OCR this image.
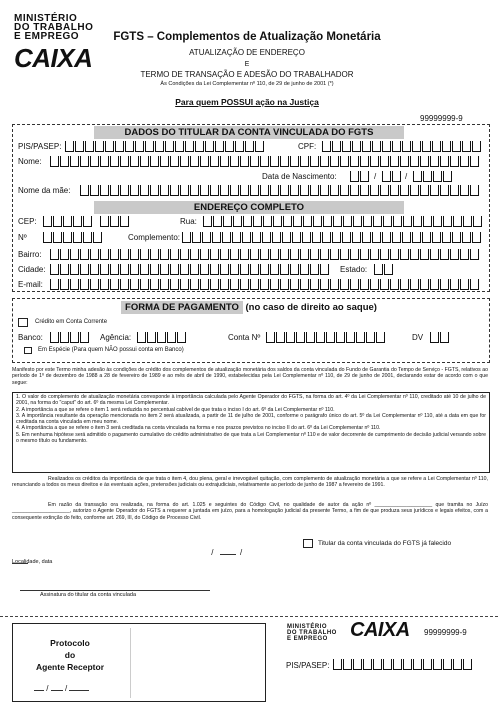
MINISTÉRIO
DO TRABALHO
E EMPREGO
CAIXA
FGTS – Complementos de Atualização Monetária
ATUALIZAÇÃO DE ENDEREÇO
E
TERMO DE TRANSAÇÃO E ADESÃO DO TRABALHADOR
Às Condições da Lei Complementar nº 110, de 29 de junho de 2001 (*)
Para quem POSSUI ação na Justiça
99999999-9
DADOS DO TITULAR DA CONTA VINCULADA DO FGTS
PIS/PASEP:	CPF:
Nome:
Data de Nascimento:	/	/
Nome da mãe:
ENDEREÇO COMPLETO
CEP:	Rua:
Nº	Complemento:
Bairro:
Cidade:	Estado:
E-mail:
FORMA DE PAGAMENTO (no caso de direito ao saque)
Crédito em Conta Corrente
Banco:	Agência:	Conta Nº	DV
Em Espécie (Para quem NÃO possui conta em Banco)
Manifesto por este Termo minha adesão às condições de crédito dos complementos de atualização monetária dos saldos da conta vinculada do Fundo de Garantia do Tempo de Serviço - FGTS, relativos ao período de 1º de dezembro de 1988 a 28 de fevereiro de 1989 e ao mês de abril de 1990, estabelecidas pela Lei Complementar nº 110, de 29 de junho de 2001, declarando estar de acordo com o que segue:
1. O valor do complemento de atualização monetária corresponde à importância calculada pelo Agente Operador do FGTS, na forma do art. 4º da Lei Complementar nº 110, creditado até 10 de julho de 2001, na forma do "caput" do art. 6º da mesma Lei Complementar.
2. A importância a que se refere o item 1 será reduzida no percentual cabível de que trata o inciso I do art. 6º da Lei Complementar nº 110.
3. A importância resultante da operação mencionada no item 2 será atualizada, a partir de 11 de julho de 2001, conforme o parágrafo único do art. 5º da Lei Complementar nº 110, até a data em que for creditada na conta vinculada em meu nome.
4. A importância a que se refere o item 3 será creditada na conta vinculada na forma e nos prazos previstos no inciso II do art. 6º da Lei Complementar nº 110.
5. Em nenhuma hipótese será admitido o pagamento cumulativo do crédito administrativo de que trata a Lei Complementar nº 110 e de valor decorrente de cumprimento de decisão judicial versando sobre o mesmo título ou fundamento.
Realizados os créditos da importância de que trata o item 4, dou plena, geral e irrevogável quitação, com complemento de atualização monetária a que se refere a Lei Complementar nº 110, renunciando a todos os meus direitos e às eventuais ações, pretensões judiciais ou extrajudiciais, relativamente ao período de junho de 1987 a fevereiro de 1991.
Em razão da transação ora realizada, na forma do art. 1.025 e seguintes do Código Civil, no qualidade de autor da ação nº ____________________ que tramita no Juízo ____________________, autorizo o Agente Operador do FGTS a requerer a juntada em juízo, para a homologação judicial da presente Termo, a fim de que produza seus jurídicos e legais efeitos, com a consequente extinção do feito, conforme art. 269, III, do Código de Processo Civil.
/	/
Titular da conta vinculada do FGTS já falecido
Localidade, data
Assinatura do titular da conta vinculada
Protocolo
do
Agente Receptor
/ /
MINISTÉRIO
DO TRABALHO
E EMPREGO	CAIXA 99999999-9
PIS/PASEP:
